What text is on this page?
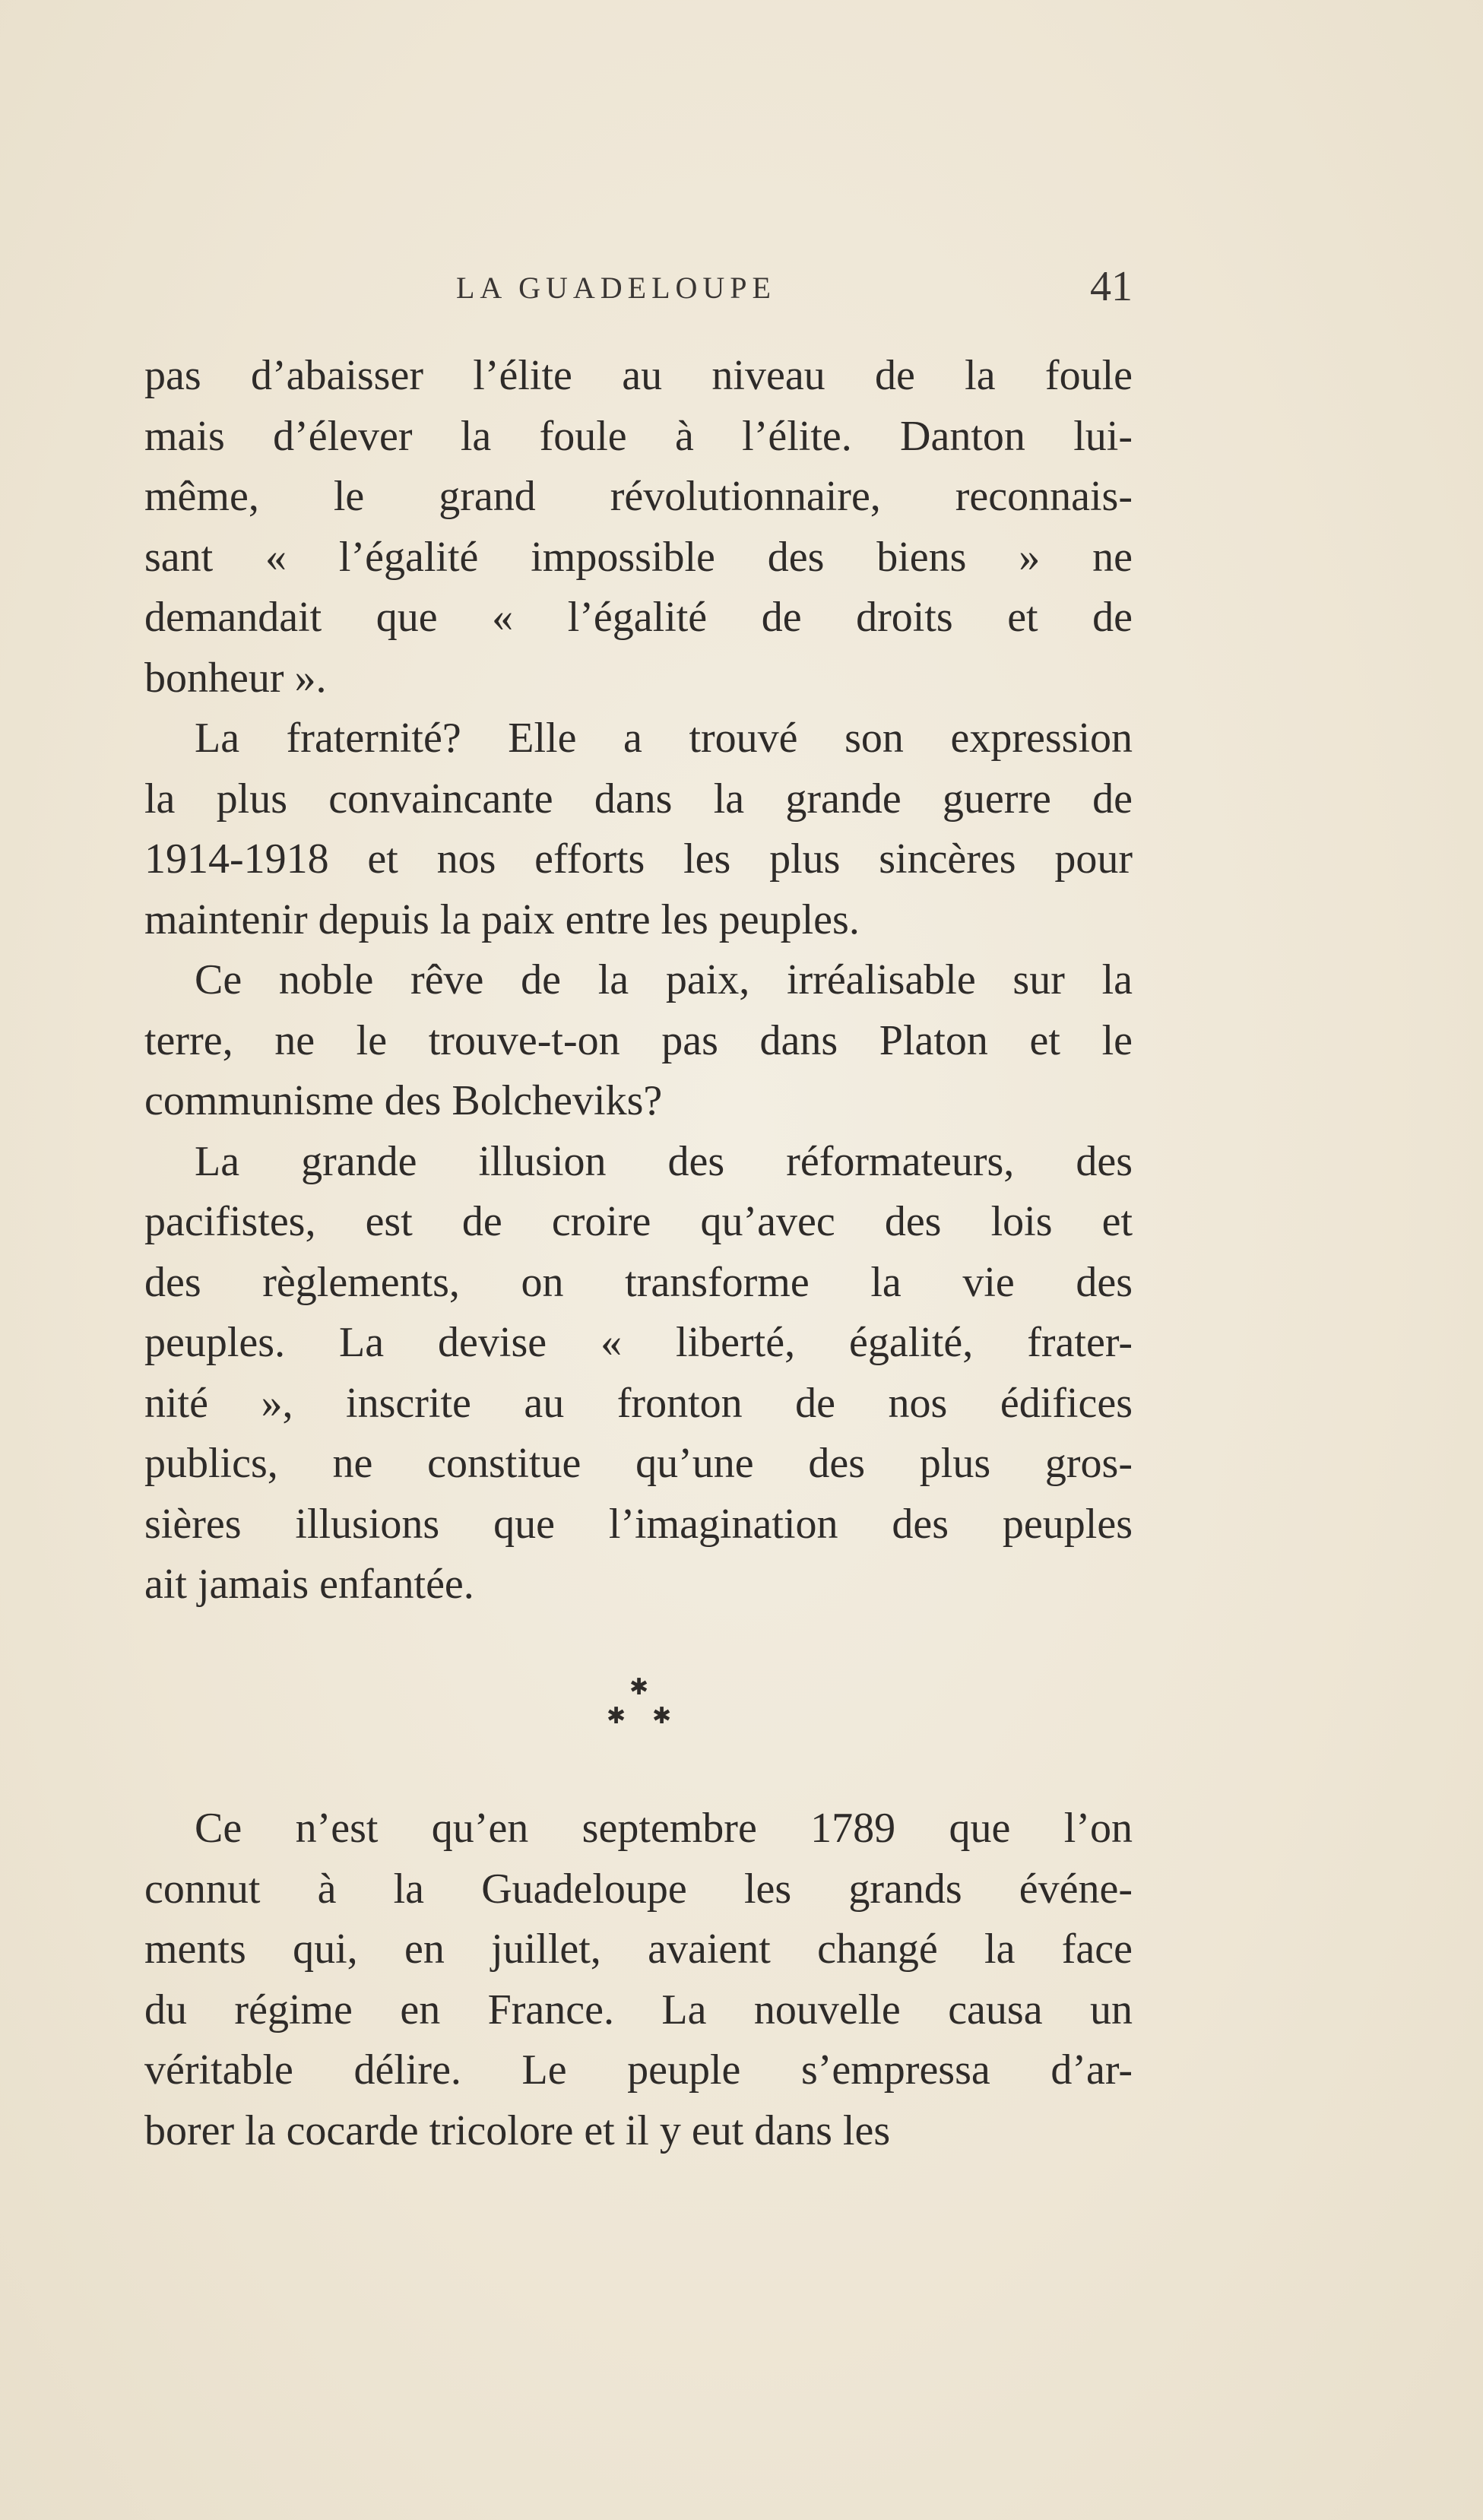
LA GUADELOUPE	41

pas d’abaisser l’élite au niveau de la foule
mais d’élever la foule à l’élite. Danton lui-
même, le grand révolutionnaire, reconnais-
sant « l’égalité impossible des biens » ne
demandait que « l’égalité de droits et de
bonheur ».

La fraternité? Elle a trouvé son expression
la plus convaincante dans la grande guerre de
1914-1918 et nos efforts les plus sincères pour
maintenir depuis la paix entre les peuples.

Ce noble rêve de la paix, irréalisable sur la
terre, ne le trouve-t-on pas dans Platon et le
communisme des Bolcheviks?

La grande illusion des réformateurs, des
pacifistes, est de croire qu’avec des lois et
des règlements, on transforme la vie des
peuples. La devise « liberté, égalité, frater-
nité », inscrite au fronton de nos édifices
publics, ne constitue qu’une des plus gros-
sières illusions que l’imagination des peuples
ait jamais enfantée.

✱
✱ ✱

Ce n’est qu’en septembre 1789 que l’on
connut à la Guadeloupe les grands événe-
ments qui, en juillet, avaient changé la face
du régime en France. La nouvelle causa un
véritable délire. Le peuple s’empressa d’ar-
borer la cocarde tricolore et il y eut dans les
